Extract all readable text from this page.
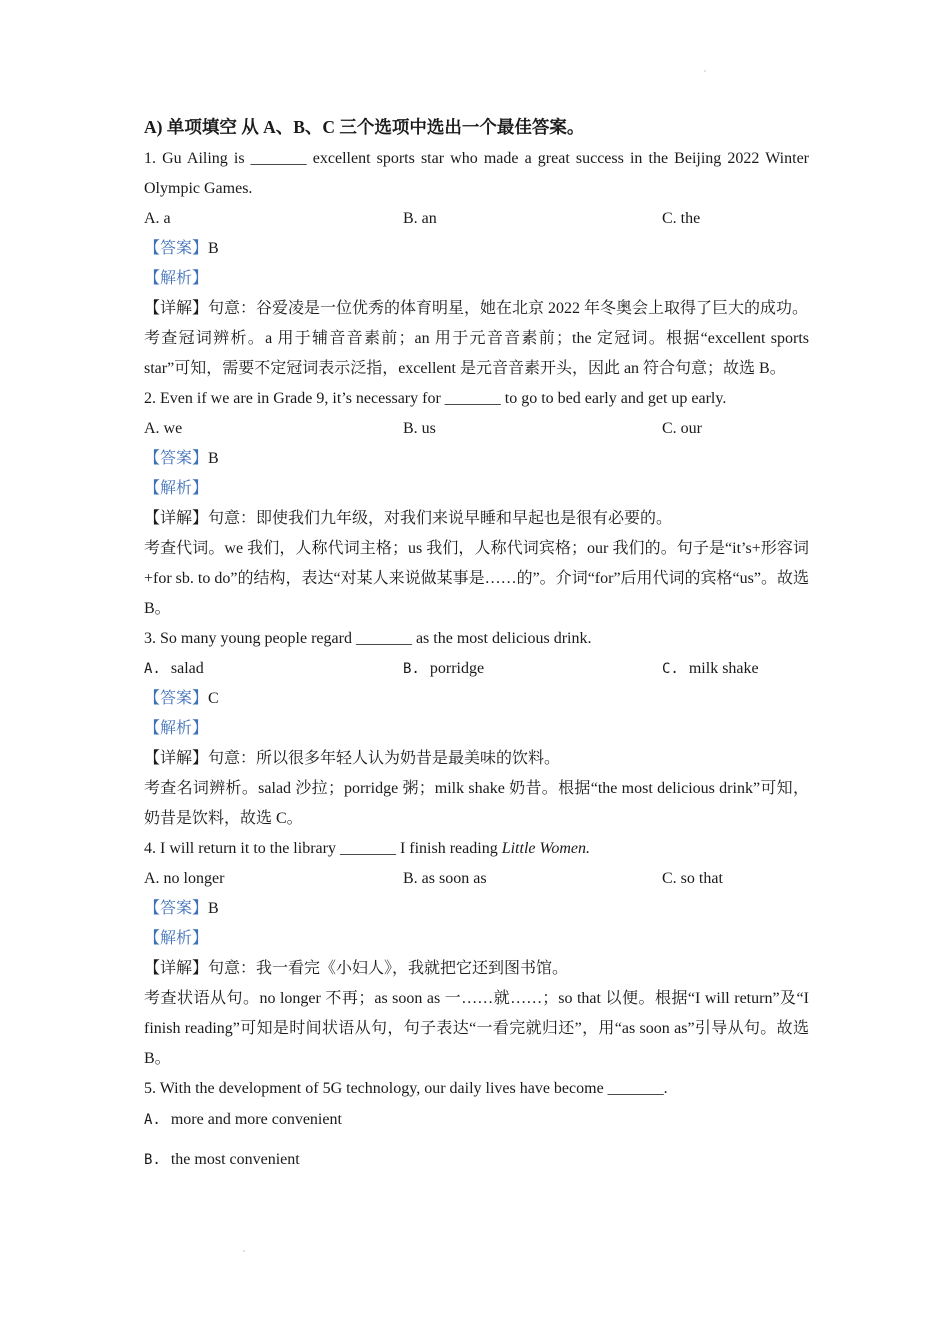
A) 单项填空 从 A、B、C 三个选项中选出一个最佳答案。
1. Gu Ailing is _______ excellent sports star who made a great success in the Beijing 2022 Winter Olympic Games.
A. a	B. an	C. the
【答案】B
【解析】
【详解】句意：谷爱凌是一位优秀的体育明星，她在北京 2022 年冬奥会上取得了巨大的成功。
考查冠词辨析。a 用于辅音音素前；an 用于元音音素前；the 定冠词。根据“excellent sports star”可知，需要不定冠词表示泛指，excellent 是元音音素开头，因此 an 符合句意；故选 B。
2. Even if we are in Grade 9, it’s necessary for _______ to go to bed early and get up early.
A. we	B. us	C. our
【答案】B
【解析】
【详解】句意：即使我们九年级，对我们来说早睡和早起也是很有必要的。
考查代词。we 我们，人称代词主格；us 我们，人称代词宾格；our 我们的。句子是“it’s+形容词+for sb. to do”的结构，表达“对某人来说做某事是……的”。介词“for”后用代词的宾格“us”。故选 B。
3. So many young people regard _______ as the most delicious drink.
A. salad	B. porridge	C. milk shake
【答案】C
【解析】
【详解】句意：所以很多年轻人认为奶昔是最美味的饮料。
考查名词辨析。salad 沙拉；porridge 粥；milk shake 奶昔。根据“the most delicious drink”可知，奶昔是饮料，故选 C。
4. I will return it to the library _______ I finish reading Little Women.
A. no longer	B. as soon as	C. so that
【答案】B
【解析】
【详解】句意：我一看完《小妇人》，我就把它还到图书馆。
考查状语从句。no longer 不再；as soon as 一……就……；so that 以便。根据“I will return”及“I finish reading”可知是时间状语从句，句子表达“一看完就归还”，用“as soon as”引导从句。故选 B。
5. With the development of 5G technology, our daily lives have become _______.
A. more and more convenient
B. the most convenient
